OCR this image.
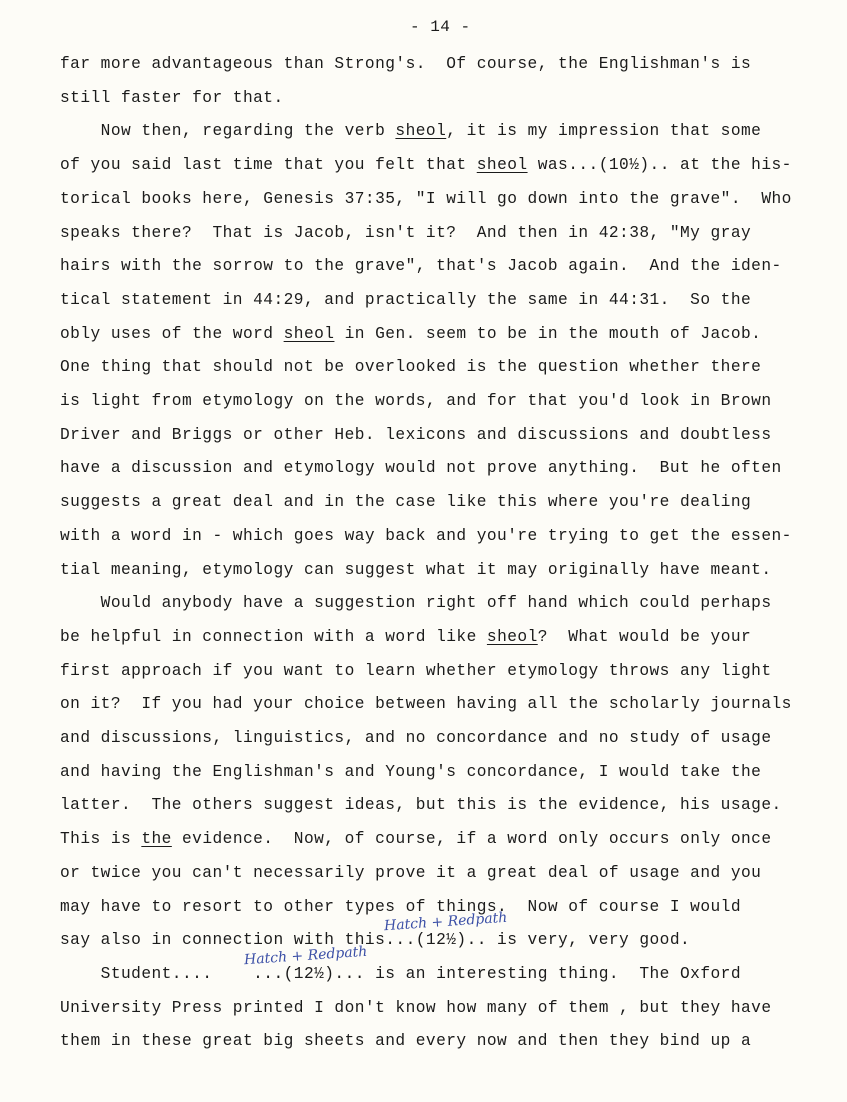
- 14 -
far more advantageous than Strong's.  Of course, the Englishman's is
still faster for that.
Now then, regarding the verb sheol, it is my impression that some
of you said last time that you felt that sheol was...(10½).. at the his-
torical books here, Genesis 37:35, "I will go down into the grave".  Who
speaks there?  That is Jacob, isn't it?  And then in 42:38, "My gray
hairs with the sorrow to the grave", that's Jacob again.  And the iden-
tical statement in 44:29, and practically the same in 44:31.  So the
obly uses of the word sheol in Gen. seem to be in the mouth of Jacob.
One thing that should not be overlooked is the question whether there
is light from etymology on the words, and for that you'd look in Brown
Driver and Briggs or other Heb. lexicons and discussions and doubtless
have a discussion and etymology would not prove anything.  But he often
suggests a great deal and in the case like this where you're dealing
with a word in - which goes way back and you're trying to get the essen-
tial meaning, etymology can suggest what it may originally have meant.
Would anybody have a suggestion right off hand which could perhaps
be helpful in connection with a word like sheol?  What would be your
first approach if you want to learn whether etymology throws any light
on it?  If you had your choice between having all the scholarly journals
and discussions, linguistics, and no concordance and no study of usage
and having the Englishman's and Young's concordance, I would take the
latter.  The others suggest ideas, but this is the evidence, his usage.
This is the evidence.  Now, of course, if a word only occurs only once
or twice you can't necessarily prove it a great deal of usage and you
may have to resort to other types of things.  Now of course I would
say also in connection with this...(12½).. is very, very good.
Student....    ...(12½)... is an interesting thing.  The Oxford
University Press printed I don't know how many of them , but they have
them in these great big sheets and every now and then they bind up a
Hatch + Redpath
Hatch + Redpath
